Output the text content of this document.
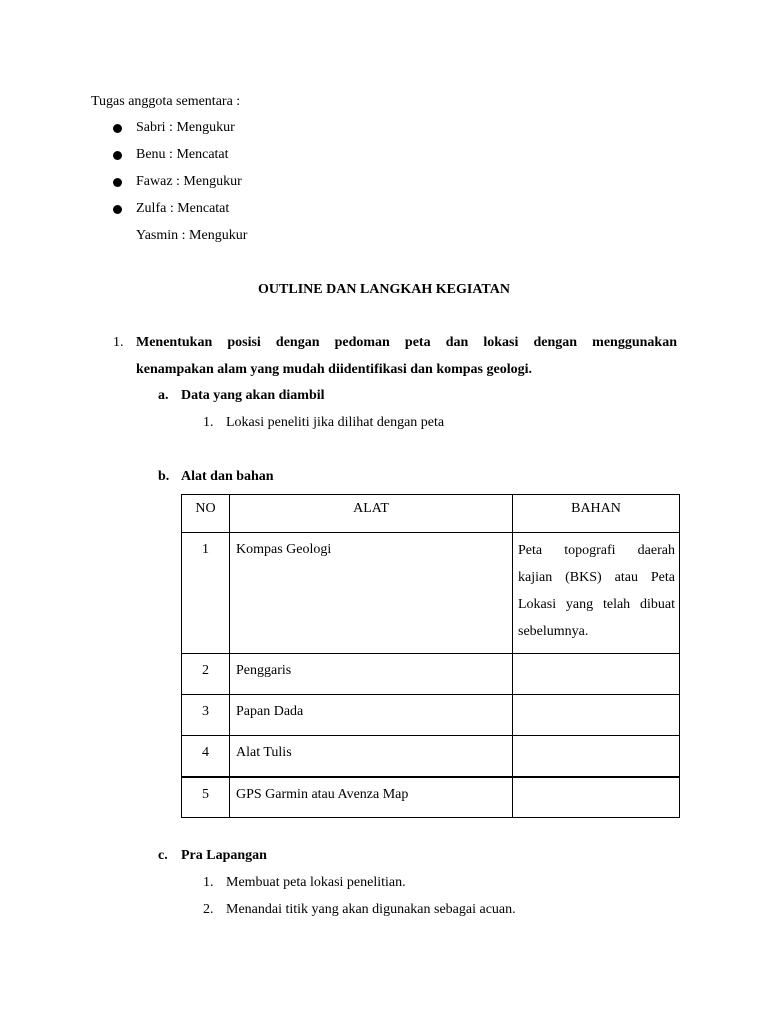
Tugas anggota sementara :
Sabri : Mengukur
Benu : Mencatat
Fawaz : Mengukur
Zulfa : Mencatat
Yasmin : Mengukur
OUTLINE DAN LANGKAH KEGIATAN
1. Menentukan posisi dengan pedoman peta dan lokasi dengan menggunakan
kenampakan alam yang mudah diidentifikasi dan kompas geologi.
a. Data yang akan diambil
1. Lokasi peneliti jika dilihat dengan peta
b. Alat dan bahan
NO	ALAT	BAHAN
1	Kompas Geologi	Peta topografi daerah kajian (BKS) atau Peta Lokasi yang telah dibuat sebelumnya.

2	Penggaris	
3	Papan Dada	
4	Alat Tulis	
5	GPS Garmin atau Avenza Map	
c. Pra Lapangan
1. Membuat peta lokasi penelitian.
2. Menandai titik yang akan digunakan sebagai acuan.
